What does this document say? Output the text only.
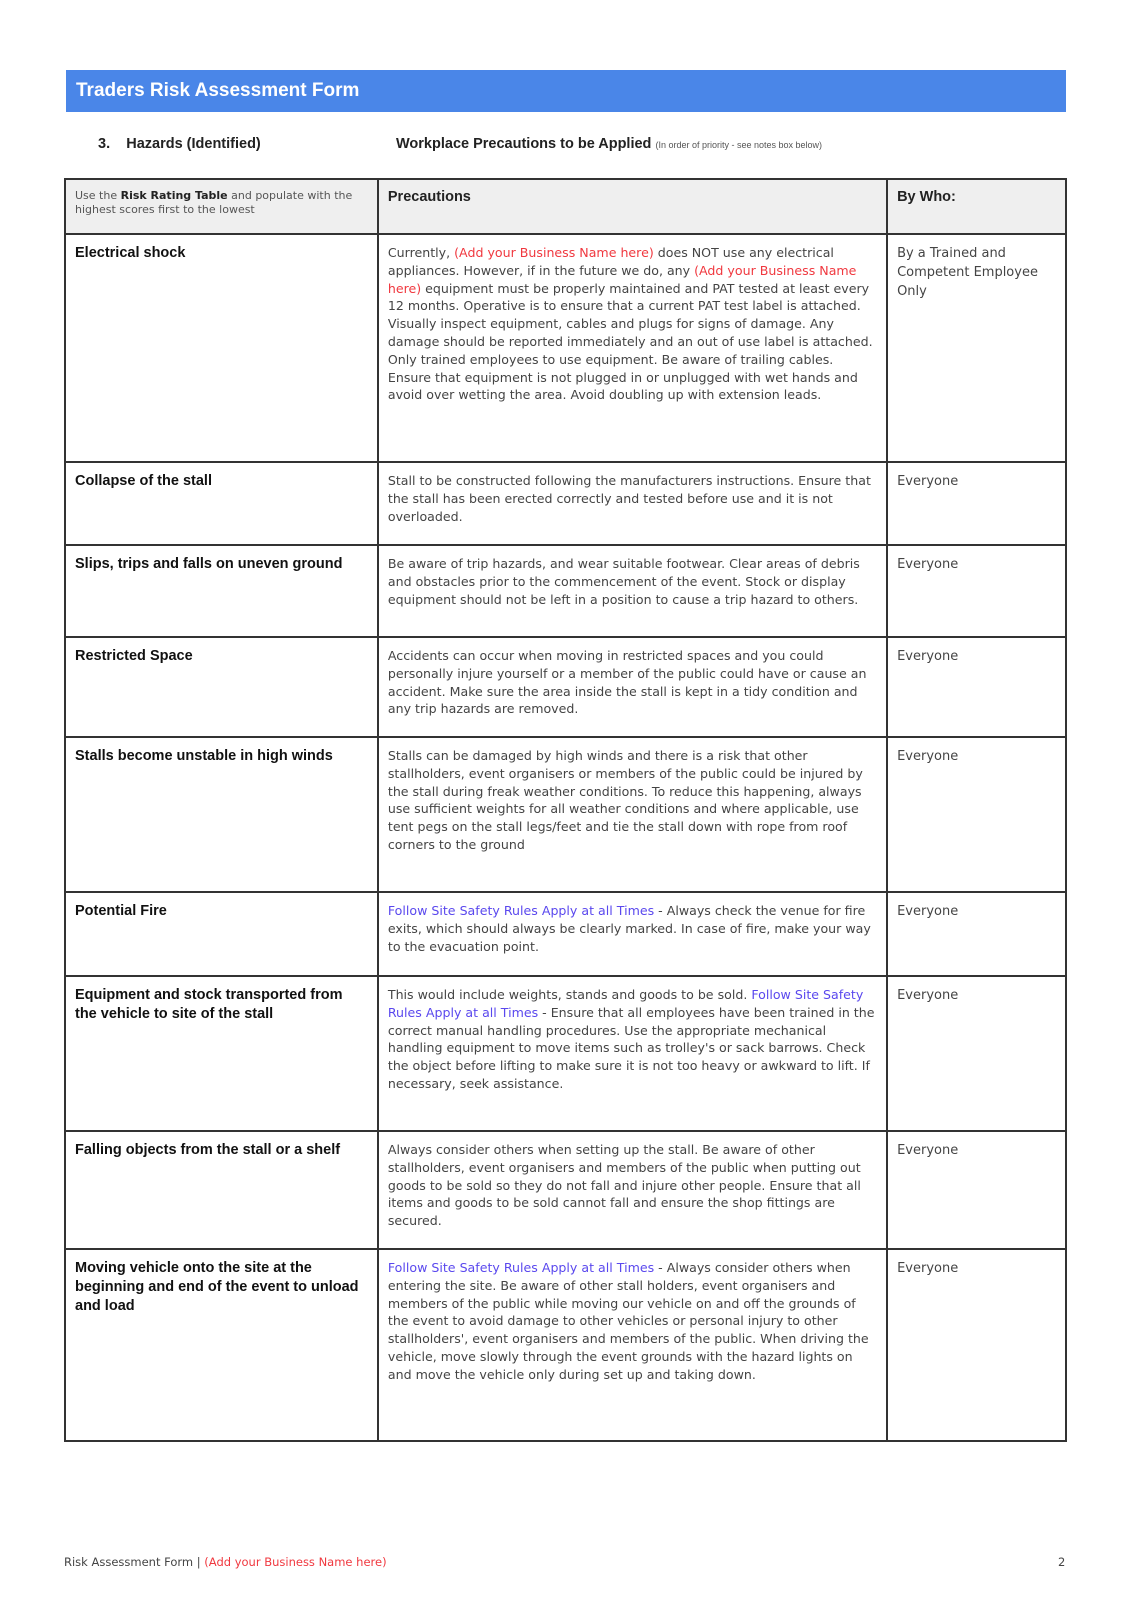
Traders Risk Assessment Form
3. Hazards (Identified)	Workplace Precautions to be Applied (In order of priority - see notes box below)
Use the Risk Rating Table and populate with the highest scores first to the lowest	Precautions	By Who:
Electrical shock	Currently, (Add your Business Name here) does NOT use any electrical appliances. However, if in the future we do, any (Add your Business Name here) equipment must be properly maintained and PAT tested at least every 12 months. Operative is to ensure that a current PAT test label is attached. Visually inspect equipment, cables and plugs for signs of damage. Any damage should be reported immediately and an out of use label is attached. Only trained employees to use equipment. Be aware of trailing cables. Ensure that equipment is not plugged in or unplugged with wet hands and avoid over wetting the area. Avoid doubling up with extension leads.	By a Trained and Competent Employee Only
Collapse of the stall	Stall to be constructed following the manufacturers instructions. Ensure that the stall has been erected correctly and tested before use and it is not overloaded.	Everyone
Slips, trips and falls on uneven ground	Be aware of trip hazards, and wear suitable footwear. Clear areas of debris and obstacles prior to the commencement of the event. Stock or display equipment should not be left in a position to cause a trip hazard to others.	Everyone
Restricted Space	Accidents can occur when moving in restricted spaces and you could personally injure yourself or a member of the public could have or cause an accident. Make sure the area inside the stall is kept in a tidy condition and any trip hazards are removed.	Everyone
Stalls become unstable in high winds	Stalls can be damaged by high winds and there is a risk that other stallholders, event organisers or members of the public could be injured by the stall during freak weather conditions. To reduce this happening, always use sufficient weights for all weather conditions and where applicable, use tent pegs on the stall legs/feet and tie the stall down with rope from roof corners to the ground	Everyone
Potential Fire	Follow Site Safety Rules Apply at all Times - Always check the venue for fire exits, which should always be clearly marked. In case of fire, make your way to the evacuation point.	Everyone
Equipment and stock transported from the vehicle to site of the stall	This would include weights, stands and goods to be sold. Follow Site Safety Rules Apply at all Times - Ensure that all employees have been trained in the correct manual handling procedures. Use the appropriate mechanical handling equipment to move items such as trolley's or sack barrows. Check the object before lifting to make sure it is not too heavy or awkward to lift. If necessary, seek assistance.	Everyone
Falling objects from the stall or a shelf	Always consider others when setting up the stall. Be aware of other stallholders, event organisers and members of the public when putting out goods to be sold so they do not fall and injure other people. Ensure that all items and goods to be sold cannot fall and ensure the shop fittings are secured.	Everyone
Moving vehicle onto the site at the beginning and end of the event to unload and load	Follow Site Safety Rules Apply at all Times - Always consider others when entering the site. Be aware of other stall holders, event organisers and members of the public while moving our vehicle on and off the grounds of the event to avoid damage to other vehicles or personal injury to other stallholders', event organisers and members of the public. When driving the vehicle, move slowly through the event grounds with the hazard lights on and move the vehicle only during set up and taking down.	Everyone
Risk Assessment Form | (Add your Business Name here)	2
